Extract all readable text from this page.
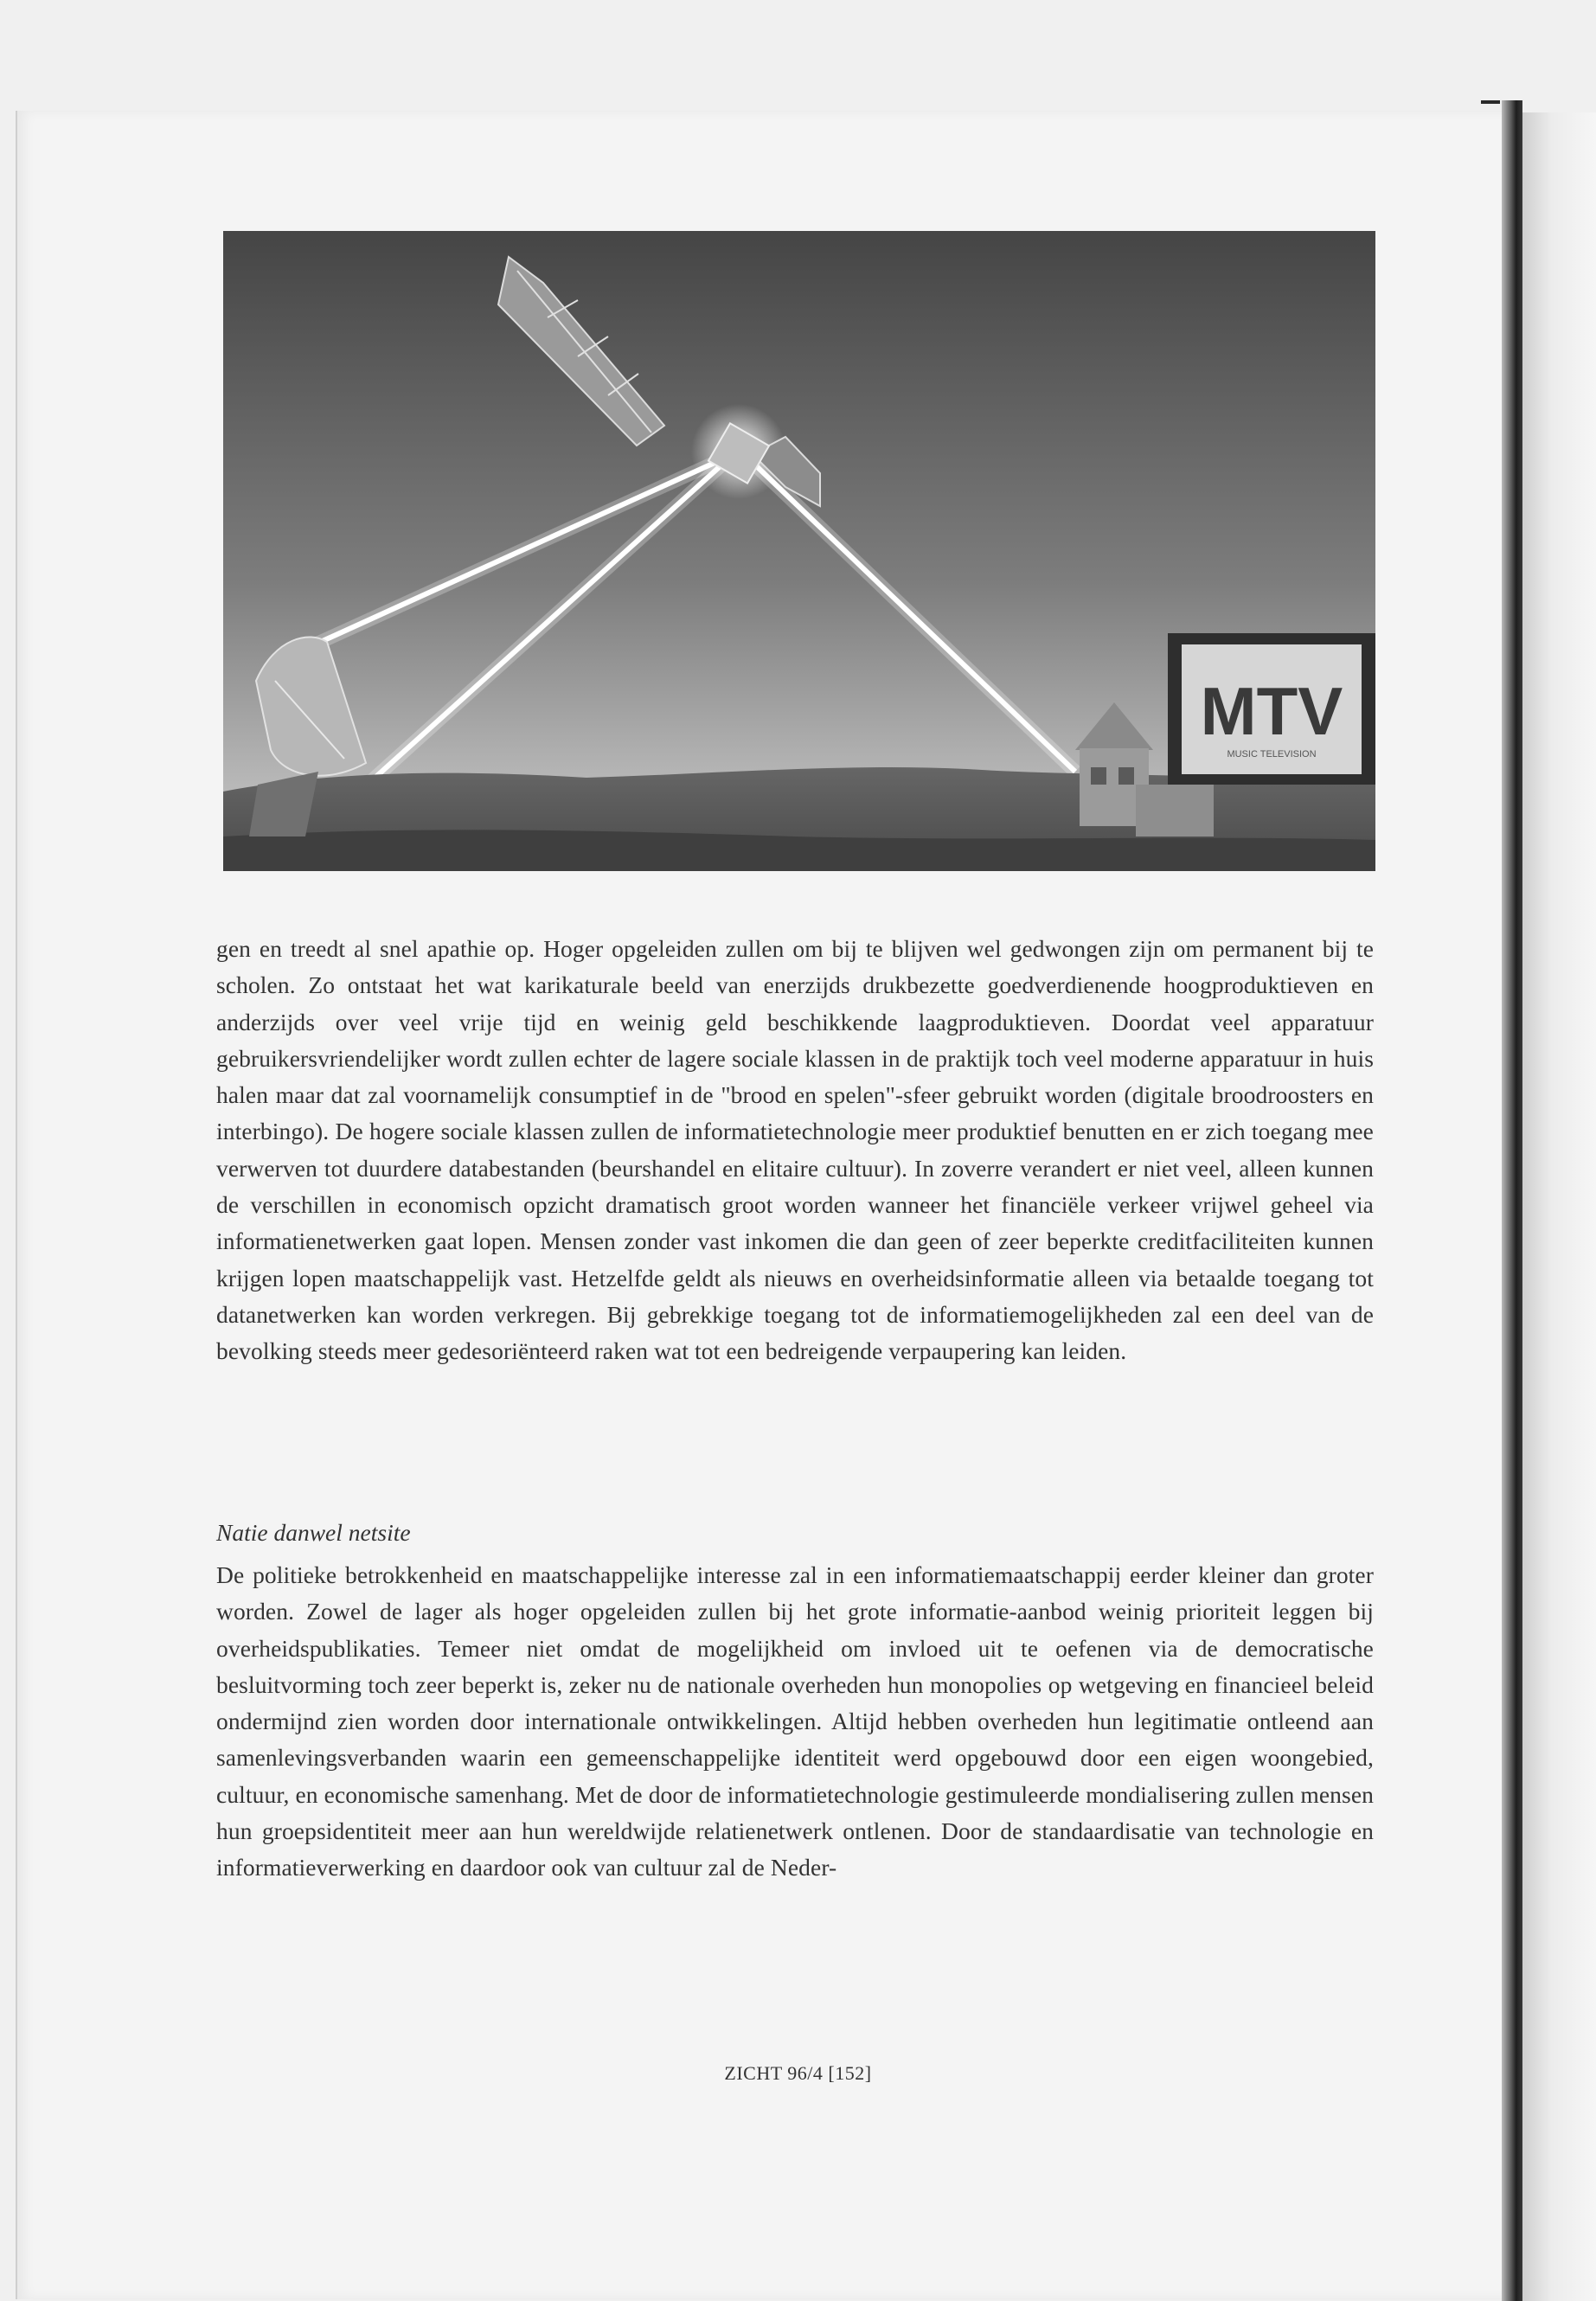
MTV
MUSIC TELEVISION

gen en treedt al snel apathie op. Hoger opgeleiden zullen om bij te blijven wel gedwongen zijn om permanent bij te scholen. Zo ontstaat het wat karikaturale beeld van enerzijds drukbezette goedverdienende hoogproduktieven en anderzijds over veel vrije tijd en weinig geld beschikkende laagproduktieven. Doordat veel apparatuur gebruikersvriendelijker wordt zullen echter de lagere sociale klassen in de praktijk toch veel moderne apparatuur in huis halen maar dat zal voornamelijk consumptief in de "brood en spelen"-sfeer gebruikt worden (digitale broodroosters en interbingo). De hogere sociale klassen zullen de informatietechnologie meer produktief benutten en er zich toegang mee verwerven tot duurdere databestanden (beurshandel en elitaire cultuur). In zoverre verandert er niet veel, alleen kunnen de verschillen in economisch opzicht dramatisch groot worden wanneer het financiële verkeer vrijwel geheel via informatienetwerken gaat lopen. Mensen zonder vast inkomen die dan geen of zeer beperkte creditfaciliteiten kunnen krijgen lopen maatschappelijk vast. Hetzelfde geldt als nieuws en overheidsinformatie alleen via betaalde toegang tot datanetwerken kan worden verkregen. Bij gebrekkige toegang tot de informatiemogelijkheden zal een deel van de bevolking steeds meer gedesoriënteerd raken wat tot een bedreigende verpaupering kan leiden.

Natie danwel netsite

De politieke betrokkenheid en maatschappelijke interesse zal in een informatiemaatschappij eerder kleiner dan groter worden. Zowel de lager als hoger opgeleiden zullen bij het grote informatie-aanbod weinig prioriteit leggen bij overheidspublikaties. Temeer niet omdat de mogelijkheid om invloed uit te oefenen via de democratische besluitvorming toch zeer beperkt is, zeker nu de nationale overheden hun monopolies op wetgeving en financieel beleid ondermijnd zien worden door internationale ontwikkelingen. Altijd hebben overheden hun legitimatie ontleend aan samenlevingsverbanden waarin een gemeenschappelijke identiteit werd opgebouwd door een eigen woongebied, cultuur, en economische samenhang. Met de door de informatietechnologie gestimuleerde mondialisering zullen mensen hun groepsidentiteit meer aan hun wereldwijde relatienetwerk ontlenen. Door de standaardisatie van technologie en informatieverwerking en daardoor ook van cultuur zal de Neder-

ZICHT 96/4 [152]
